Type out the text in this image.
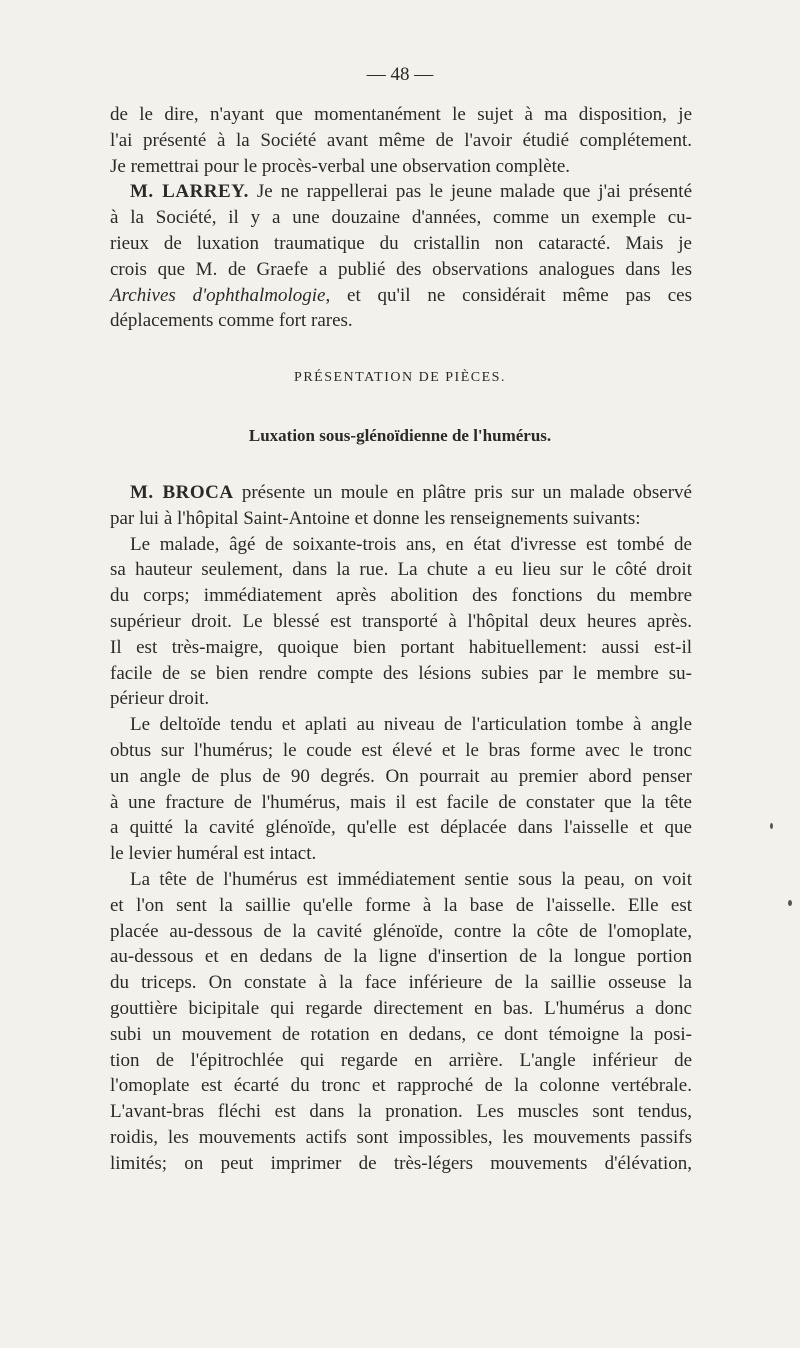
— 48 —
de le dire, n'ayant que momentanément le sujet à ma disposition, je
l'ai présenté à la Société avant même de l'avoir étudié complétement.
Je remettrai pour le procès-verbal une observation complète.
M. LARREY. Je ne rappellerai pas le jeune malade que j'ai présenté
à la Société, il y a une douzaine d'années, comme un exemple cu-
rieux de luxation traumatique du cristallin non cataracté. Mais je
crois que M. de Graefe a publié des observations analogues dans les
Archives d'ophthalmologie, et qu'il ne considérait même pas ces
déplacements comme fort rares.
PRÉSENTATION DE PIÈCES.
Luxation sous-glénoïdienne de l'humérus.
M. BROCA présente un moule en plâtre pris sur un malade observé
par lui à l'hôpital Saint-Antoine et donne les renseignements suivants:
Le malade, âgé de soixante-trois ans, en état d'ivresse est tombé de
sa hauteur seulement, dans la rue. La chute a eu lieu sur le côté droit
du corps; immédiatement après abolition des fonctions du membre
supérieur droit. Le blessé est transporté à l'hôpital deux heures après.
Il est très-maigre, quoique bien portant habituellement: aussi est-il
facile de se bien rendre compte des lésions subies par le membre su-
périeur droit.
Le deltoïde tendu et aplati au niveau de l'articulation tombe à angle
obtus sur l'humérus; le coude est élevé et le bras forme avec le tronc
un angle de plus de 90 degrés. On pourrait au premier abord penser
à une fracture de l'humérus, mais il est facile de constater que la tête
a quitté la cavité glénoïde, qu'elle est déplacée dans l'aisselle et que
le levier huméral est intact.
La tête de l'humérus est immédiatement sentie sous la peau, on voit
et l'on sent la saillie qu'elle forme à la base de l'aisselle. Elle est
placée au-dessous de la cavité glénoïde, contre la côte de l'omoplate,
au-dessous et en dedans de la ligne d'insertion de la longue portion
du triceps. On constate à la face inférieure de la saillie osseuse la
gouttière bicipitale qui regarde directement en bas. L'humérus a donc
subi un mouvement de rotation en dedans, ce dont témoigne la posi-
tion de l'épitrochlée qui regarde en arrière. L'angle inférieur de
l'omoplate est écarté du tronc et rapproché de la colonne vertébrale.
L'avant-bras fléchi est dans la pronation. Les muscles sont tendus,
roidis, les mouvements actifs sont impossibles, les mouvements passifs
limités; on peut imprimer de très-légers mouvements d'élévation,
